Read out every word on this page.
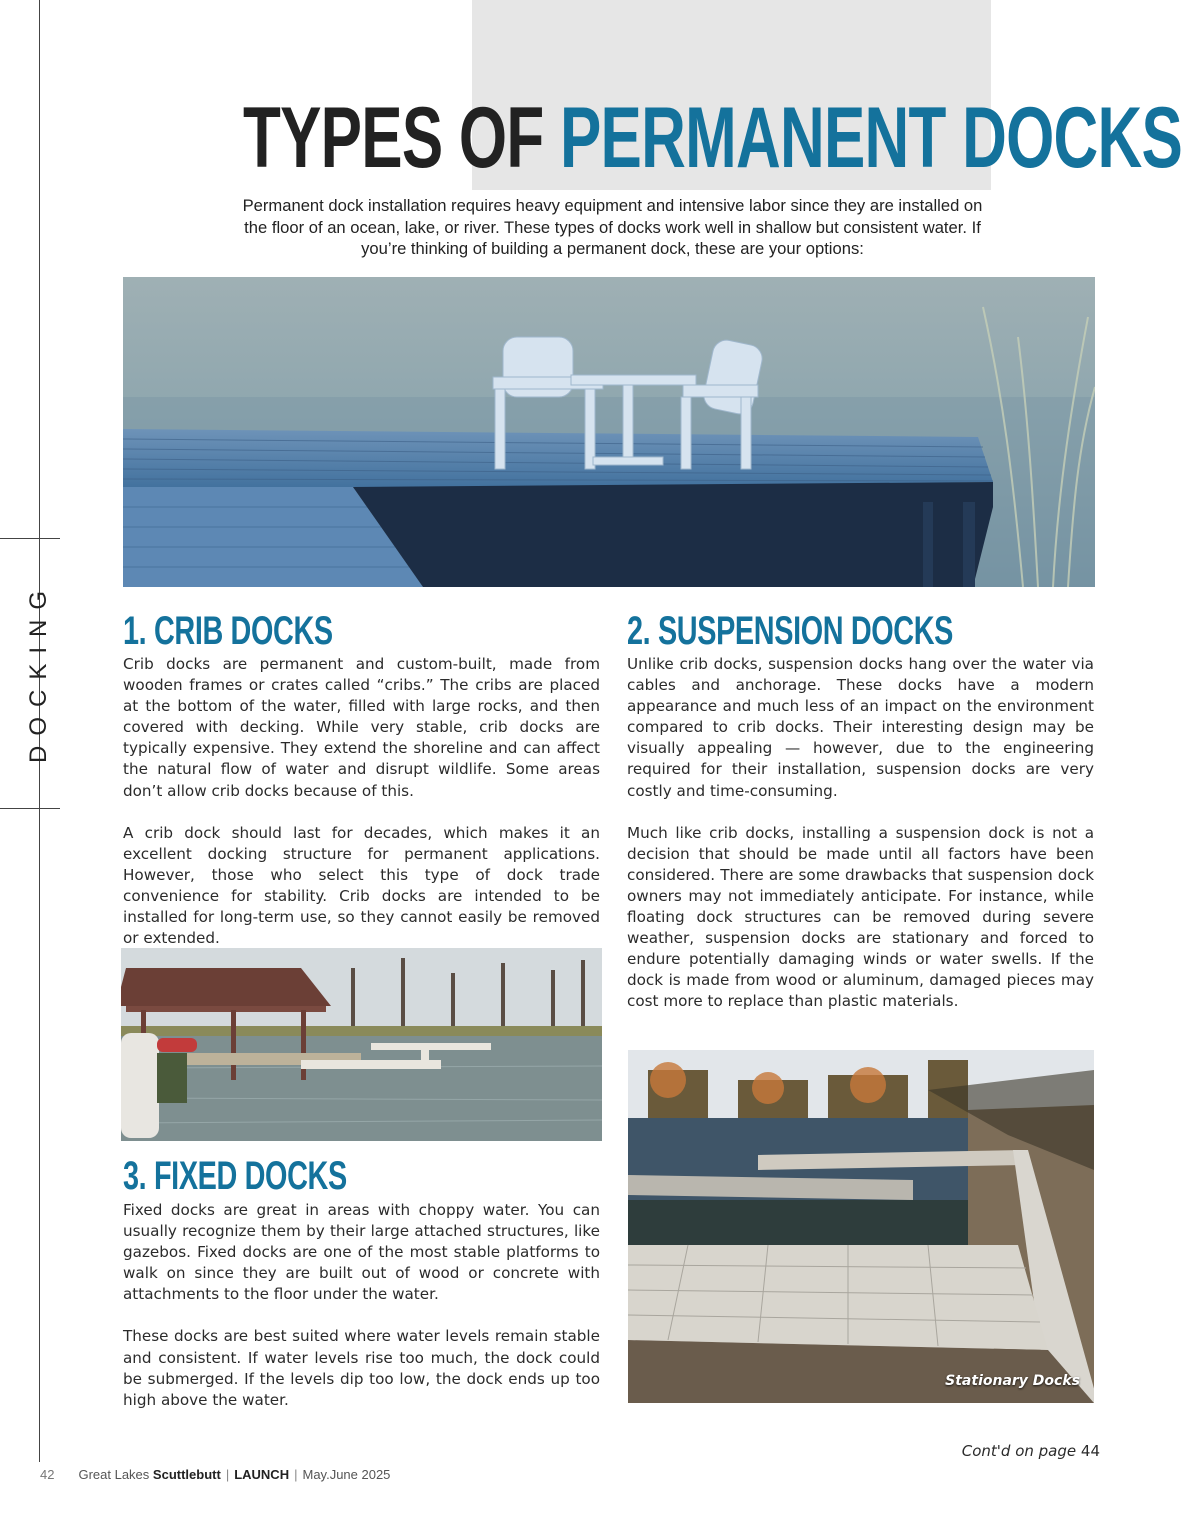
DOCKING
TYPES OF PERMANENT DOCKS

Permanent dock installation requires heavy equipment and intensive labor since they are installed on the floor of an ocean, lake, or river. These types of docks work well in shallow but consistent water. If you’re thinking of building a permanent dock, these are your options:

1. CRIB DOCKS

Crib docks are permanent and custom-built, made from wooden frames or crates called “cribs.” The cribs are placed at the bottom of the water, filled with large rocks, and then covered with decking. While very stable, crib docks are typically expensive. They extend the shoreline and can affect the natural flow of water and disrupt wildlife. Some areas don’t allow crib docks because of this.

A crib dock should last for decades, which makes it an excellent docking structure for permanent applications. However, those who select this type of dock trade convenience for stability. Crib docks are intended to be installed for long-term use, so they cannot easily be removed or extended.

3. FIXED DOCKS

Fixed docks are great in areas with choppy water. You can usually recognize them by their large attached structures, like gazebos. Fixed docks are one of the most stable platforms to walk on since they are built out of wood or concrete with attachments to the floor under the water.

These docks are best suited where water levels remain stable and consistent. If water levels rise too much, the dock could be submerged. If the levels dip too low, the dock ends up too high above the water.

2. SUSPENSION DOCKS

Unlike crib docks, suspension docks hang over the water via cables and anchorage. These docks have a modern appearance and much less of an impact on the environment compared to crib docks. Their interesting design may be visually appealing — however, due to the engineering required for their installation, suspension docks are very costly and time-consuming.

Much like crib docks, installing a suspension dock is not a decision that should be made until all factors have been considered. There are some drawbacks that suspension dock owners may not immediately anticipate. For instance, while floating dock structures can be removed during severe weather, suspension docks are stationary and forced to endure potentially damaging winds or water swells. If the dock is made from wood or aluminum, damaged pieces may cost more to replace than plastic materials.

Stationary Docks
Cont'd on page 44
42 Great Lakes Scuttlebutt | LAUNCH | May.June 2025
